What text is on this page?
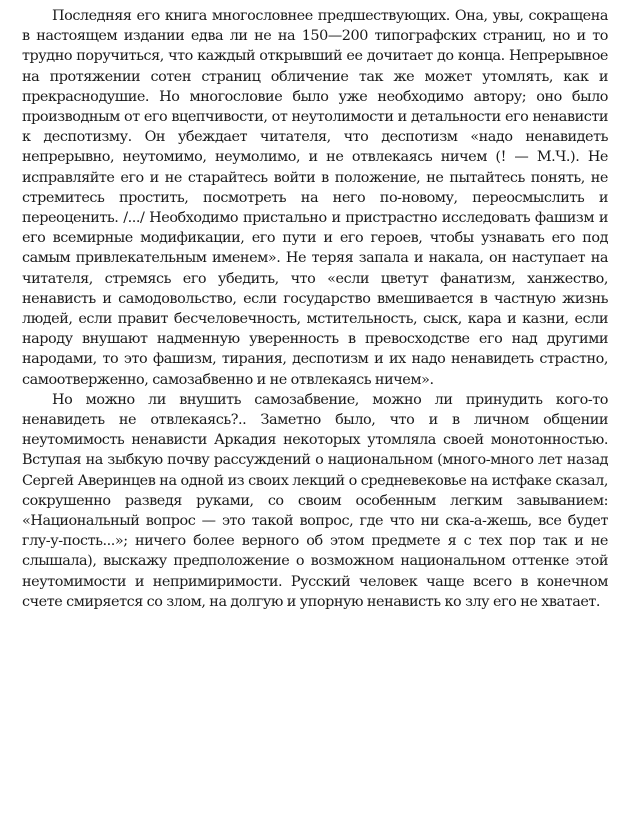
Последняя его книга многословнее предшествующих. Она, увы, сокращена в настоящем издании едва ли не на 150—200 типографских страниц, но и то трудно поручиться, что каждый открывший ее дочитает до конца. Непрерывное на протяжении сотен страниц обличение так же может утомлять, как и прекраснодушие. Но многословие было уже необходимо автору; оно было производным от его вцепчивости, от неутолимости и детальности его ненависти к деспотизму. Он убеждает читателя, что деспотизм «надо ненавидеть непрерывно, неутомимо, неумолимо, и не отвлекаясь ничем (! — М.Ч.). Не исправляйте его и не старайтесь войти в положение, не пытайтесь понять, не стремитесь простить, посмотреть на него по-новому, переосмыслить и переоценить. /.../ Необходимо пристально и пристрастно исследовать фашизм и его всемирные модификации, его пути и его героев, чтобы узнавать его под самым привлекательным именем». Не теряя запала и накала, он наступает на читателя, стремясь его убедить, что «если цветут фанатизм, ханжество, ненависть и самодовольство, если государство вмешивается в частную жизнь людей, если правит бесчеловечность, мстительность, сыск, кара и казни, если народу внушают надменную уверенность в превосходстве его над другими народами, то это фашизм, тирания, деспотизм и их надо ненавидеть страстно, самоотверженно, самозабвенно и не отвлекаясь ничем».

Но можно ли внушить самозабвение, можно ли принудить кого-то ненавидеть не отвлекаясь?.. Заметно было, что и в личном общении неутомимость ненависти Аркадия некоторых утомляла своей монотонностью. Вступая на зыбкую почву рассуждений о национальном (много-много лет назад Сергей Аверинцев на одной из своих лекций о средневековье на истфаке сказал, сокрушенно разведя руками, со своим особенным легким завыванием: «Национальный вопрос — это такой вопрос, где что ни ска-а-жешь, все будет глу-у-пость...»; ничего более верного об этом предмете я с тех пор так и не слышала), выскажу предположение о возможном национальном оттенке этой неутомимости и непримиримости. Русский человек чаще всего в конечном счете смиряется со злом, на долгую и упорную ненависть ко злу его не хватает.
